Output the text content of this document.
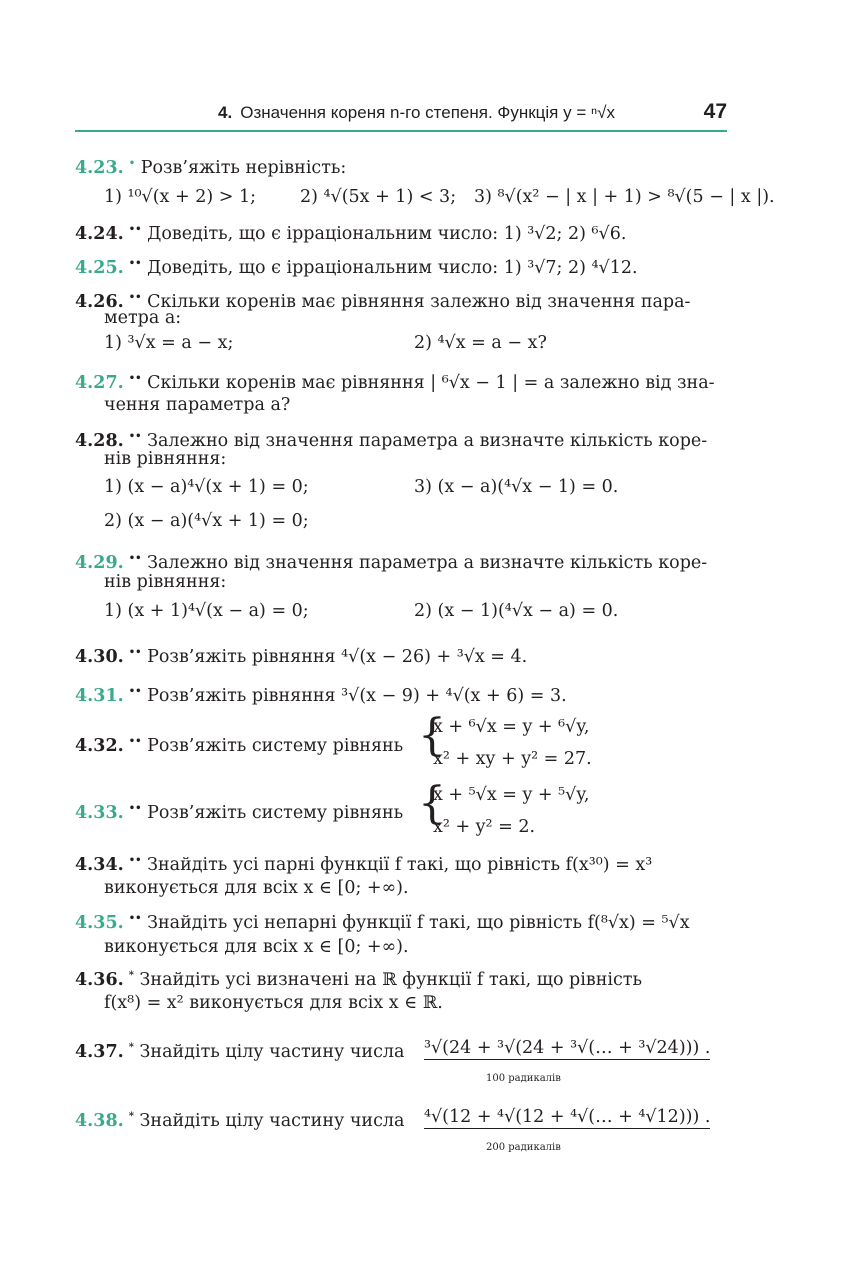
4. Означення кореня n-го степеня. Функція y = ⁿ√x	47
4.23. • Розв’яжіть нерівність:
1) ¹⁰√(x + 2) > 1;	2) ⁴√(5x + 1) < 3; 3) ⁸√(x² − | x | + 1) > ⁸√(5 − | x |).
4.24. •• Доведіть, що є ірраціональним число: 1) ³√2; 2) ⁶√6.
4.25. •• Доведіть, що є ірраціональним число: 1) ³√7; 2) ⁴√12.
4.26. •• Скільки коренів має рівняння залежно від значення пара-
метра a:
1) ³√x = a − x;	2) ⁴√x = a − x?
4.27. •• Скільки коренів має рівняння | ⁶√x − 1 | = a залежно від зна-
чення параметра a?
4.28. •• Залежно від значення параметра a визначте кількість коре-
нів рівняння:
1) (x − a)⁴√(x + 1) = 0;	3) (x − a)(⁴√x − 1) = 0.
2) (x − a)(⁴√x + 1) = 0;
4.29. •• Залежно від значення параметра a визначте кількість коре-
нів рівняння:
1) (x + 1)⁴√(x − a) = 0;	2) (x − 1)(⁴√x − a) = 0.
4.30. •• Розв’яжіть рівняння ⁴√(x − 26) + ³√x = 4.
4.31. •• Розв’яжіть рівняння ³√(x − 9) + ⁴√(x + 6) = 3.
4.32. •• Розв’яжіть систему рівнянь {
x + ⁶√x = y + ⁶√y,
x² + xy + y² = 27.
4.33. •• Розв’яжіть систему рівнянь {
x + ⁵√x = y + ⁵√y,
x² + y² = 2.
4.34. •• Знайдіть усі парні функції f такі, що рівність f(x³⁰) = x³
виконується для всіх x ∈ [0; +∞).
4.35. •• Знайдіть усі непарні функції f такі, що рівність f(⁸√x) = ⁵√x
виконується для всіх x ∈ [0; +∞).
4.36. * Знайдіть усі визначені на ℝ функції f такі, що рівність
f(x⁸) = x² виконується для всіх x ∈ ℝ.
4.37. * Знайдіть цілу частину числа ³√(24 + ³√(24 + ³√(… + ³√24))) .
100 радикалів
4.38. * Знайдіть цілу частину числа ⁴√(12 + ⁴√(12 + ⁴√(… + ⁴√12))) .
200 радикалів
